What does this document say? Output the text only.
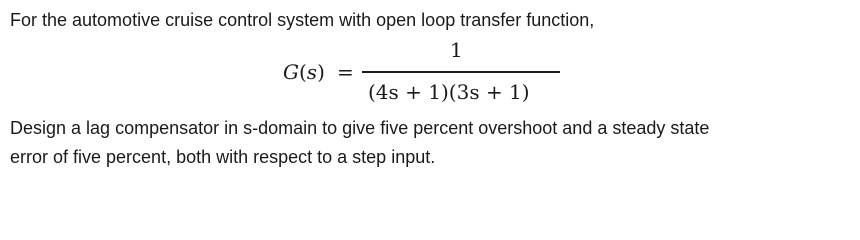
For the automotive cruise control system with open loop transfer function,
G(s) =
1
(4s + 1)(3s + 1)
Design a lag compensator in s-domain to give five percent overshoot and a steady state
error of five percent, both with respect to a step input.
